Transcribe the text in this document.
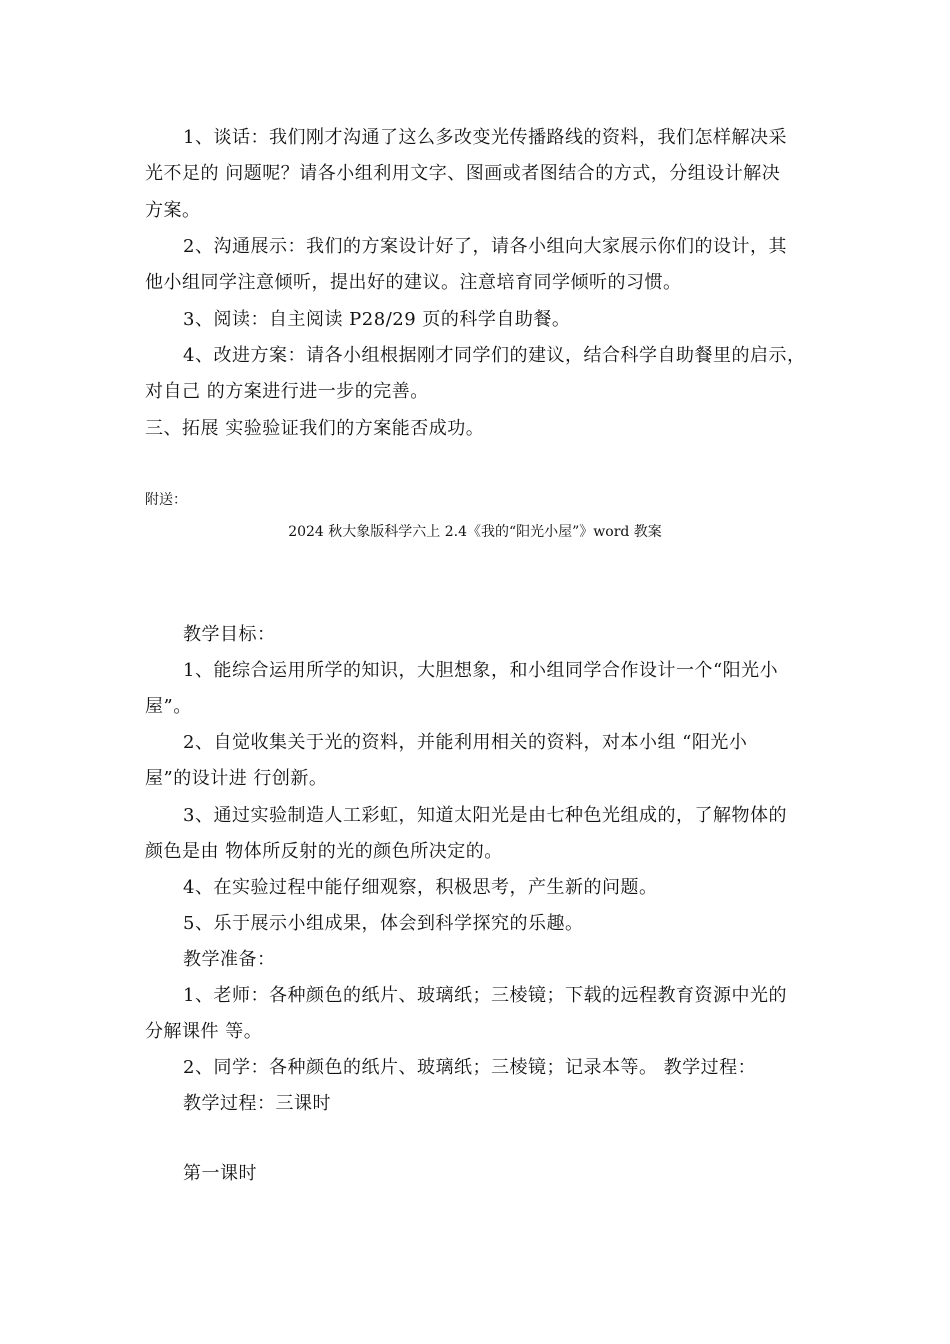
1、谈话：我们刚才沟通了这么多改变光传播路线的资料，我们怎样解决采
光不足的 问题呢？请各小组利用文字、图画或者图结合的方式，分组设计解决
方案。
2、沟通展示：我们的方案设计好了，请各小组向大家展示你们的设计，其
他小组同学注意倾听，提出好的建议。注意培育同学倾听的习惯。
3、阅读：自主阅读 P28/29 页的科学自助餐。
4、改进方案：请各小组根据刚才同学们的建议，结合科学自助餐里的启示，
对自己 的方案进行进一步的完善。
三、拓展 实验验证我们的方案能否成功。
附送：
2024 秋大象版科学六上 2.4《我的“阳光小屋”》word 教案
教学目标：
1、能综合运用所学的知识，大胆想象，和小组同学合作设计一个“阳光小
屋”。
2、自觉收集关于光的资料，并能利用相关的资料，对本小组 “阳光小
屋”的设计进 行创新。
3、通过实验制造人工彩虹，知道太阳光是由七种色光组成的，了解物体的
颜色是由 物体所反射的光的颜色所决定的。
4、在实验过程中能仔细观察，积极思考，产生新的问题。
5、乐于展示小组成果，体会到科学探究的乐趣。
教学准备：
1、老师：各种颜色的纸片、玻璃纸；三棱镜；下载的远程教育资源中光的
分解课件 等。
2、同学：各种颜色的纸片、玻璃纸；三棱镜；记录本等。 教学过程：
教学过程：三课时
第一课时
